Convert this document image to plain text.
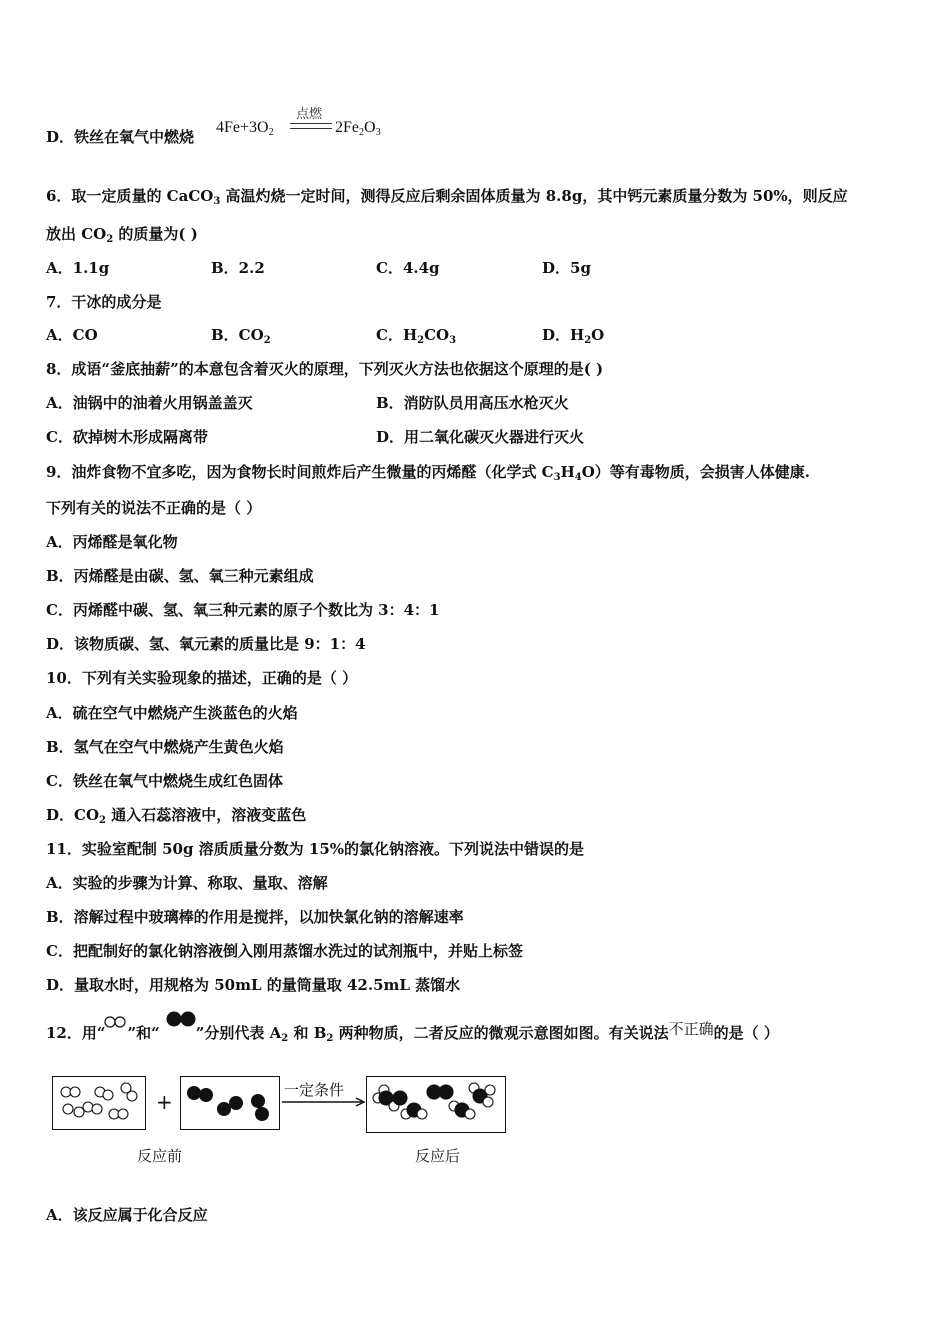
D．铁丝在氧气中燃烧
$4Fe+3O_2$
点燃
$2Fe_2O_3$
6．取一定质量的 CaCO$_3$ 高温灼烧一定时间，测得反应后剩余固体质量为 8.8g，其中钙元素质量分数为 50%，则反应
放出 $CO_2$ 的质量为( )
A．1.1g	B．2.2	C．4.4g	D．5g
7．干冰的成分是
A．CO	B．$CO_2$	C．$H_2CO_3$	D．$H_2O$
8．成语“釜底抽薪”的本意包含着灭火的原理，下列灭火方法也依据这个原理的是( )
A．油锅中的油着火用锅盖盖灭	B．消防队员用高压水枪灭火
C．砍掉树木形成隔离带	D．用二氧化碳灭火器进行灭火
9．油炸食物不宜多吃，因为食物长时间煎炸后产生微量的丙烯醛（化学式 $C_3H_4O$）等有毒物质，会损害人体健康.
下列有关的说法不正确的是（ ）
A．丙烯醛是氧化物
B．丙烯醛是由碳、氢、氧三种元素组成
C．丙烯醛中碳、氢、氧三种元素的原子个数比为 3：4：1
D．该物质碳、氢、氧元素的质量比是 9：1：4
10．下列有关实验现象的描述，正确的是（ ）
A．硫在空气中燃烧产生淡蓝色的火焰
B．氢气在空气中燃烧产生黄色火焰
C．铁丝在氧气中燃烧生成红色固体
D．$CO_2$ 通入石蕊溶液中，溶液变蓝色
11．实验室配制 50g 溶质质量分数为 15%的氯化钠溶液。下列说法中错误的是
A．实验的步骤为计算、称取、量取、溶解
B．溶解过程中玻璃棒的作用是搅拌，以加快氯化钠的溶解速率
C．把配制好的氯化钠溶液倒入刚用蒸馏水洗过的试剂瓶中，并贴上标签
D．量取水时，用规格为 50mL 的量筒量取 42.5mL 蒸馏水
12．用“ ”和“ ”分别代表 $A_2$ 和 $B_2$ 两种物质，二者反应的微观示意图如图。有关说法不正确的是（ ）
+	一定条件
反应前	反应后
A．该反应属于化合反应
